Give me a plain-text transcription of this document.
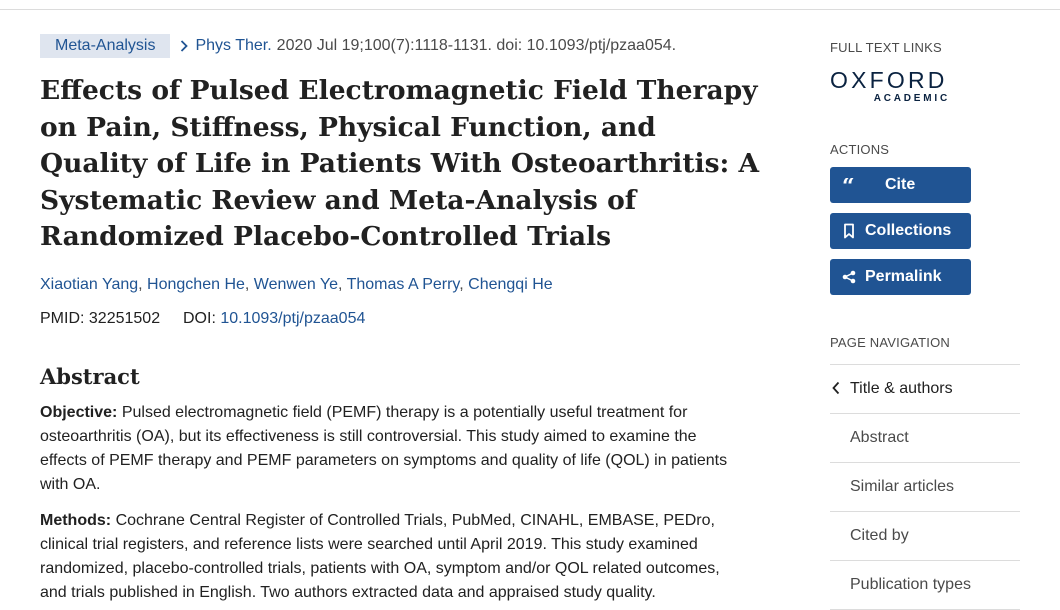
Meta-Analysis	Phys Ther. 2020 Jul 19;100(7):1118-1131. doi: 10.1093/ptj/pzaa054.
Effects of Pulsed Electromagnetic Field Therapy on Pain, Stiffness, Physical Function, and Quality of Life in Patients With Osteoarthritis: A Systematic Review and Meta-Analysis of Randomized Placebo-Controlled Trials
Xiaotian Yang, Hongchen He, Wenwen Ye, Thomas A Perry, Chengqi He
PMID: 32251502 DOI: 10.1093/ptj/pzaa054
Abstract
Objective: Pulsed electromagnetic field (PEMF) therapy is a potentially useful treatment for osteoarthritis (OA), but its effectiveness is still controversial. This study aimed to examine the effects of PEMF therapy and PEMF parameters on symptoms and quality of life (QOL) in patients with OA.
Methods: Cochrane Central Register of Controlled Trials, PubMed, CINAHL, EMBASE, PEDro, clinical trial registers, and reference lists were searched until April 2019. This study examined randomized, placebo-controlled trials, patients with OA, symptom and/or QOL related outcomes, and trials published in English. Two authors extracted data and appraised study quality.
FULL TEXT LINKS
OXFORD
ACADEMIC
ACTIONS
“ Cite
Collections
Permalink
PAGE NAVIGATION
Title & authors
Abstract
Similar articles
Cited by
Publication types
